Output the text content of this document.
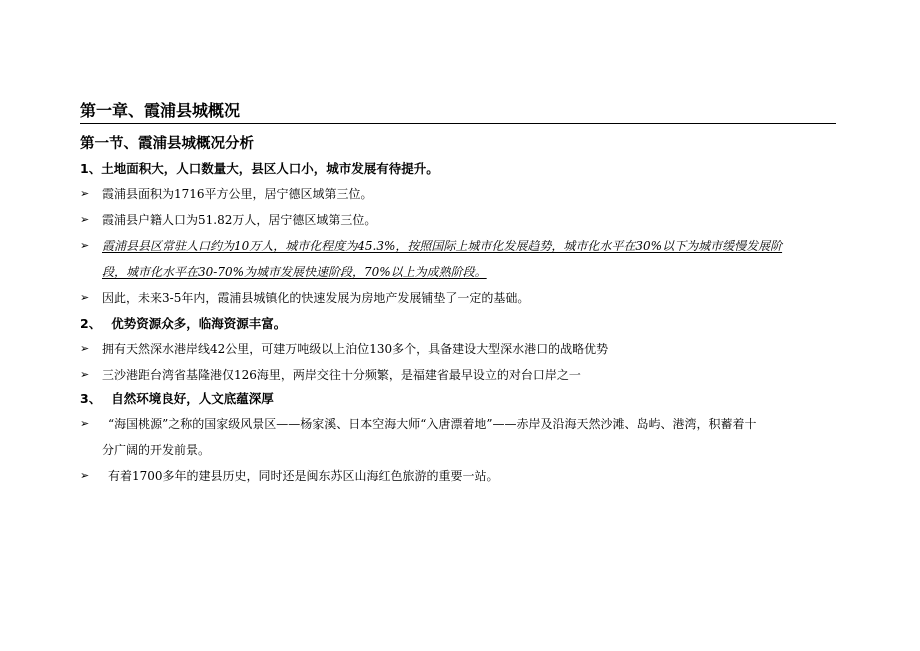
第一章、霞浦县城概况
第一节、霞浦县城概况分析
1、土地面积大，人口数量大，县区人口小，城市发展有待提升。
➢	霞浦县面积为1716平方公里，居宁德区域第三位。
➢	霞浦县户籍人口为51.82万人，居宁德区域第三位。
➢	霞浦县县区常驻人口约为10万人，城市化程度为45.3%，按照国际上城市化发展趋势，城市化水平在30%以下为城市缓慢发展阶
段，城市化水平在30-70%为城市发展快速阶段，70%以上为成熟阶段。
➢	因此，未来3-5年内，霞浦县城镇化的快速发展为房地产发展铺垫了一定的基础。
2、 优势资源众多，临海资源丰富。
➢	拥有天然深水港岸线42公里，可建万吨级以上泊位130多个，具备建设大型深水港口的战略优势
➢	三沙港距台湾省基隆港仅126海里，两岸交往十分频繁，是福建省最早设立的对台口岸之一
3、 自然环境良好，人文底蕴深厚
➢	“海国桃源”之称的国家级风景区——杨家溪、日本空海大师“入唐漂着地”——赤岸及沿海天然沙滩、岛屿、港湾，积蓄着十
分广阔的开发前景。
➢	有着1700多年的建县历史，同时还是闽东苏区山海红色旅游的重要一站。
